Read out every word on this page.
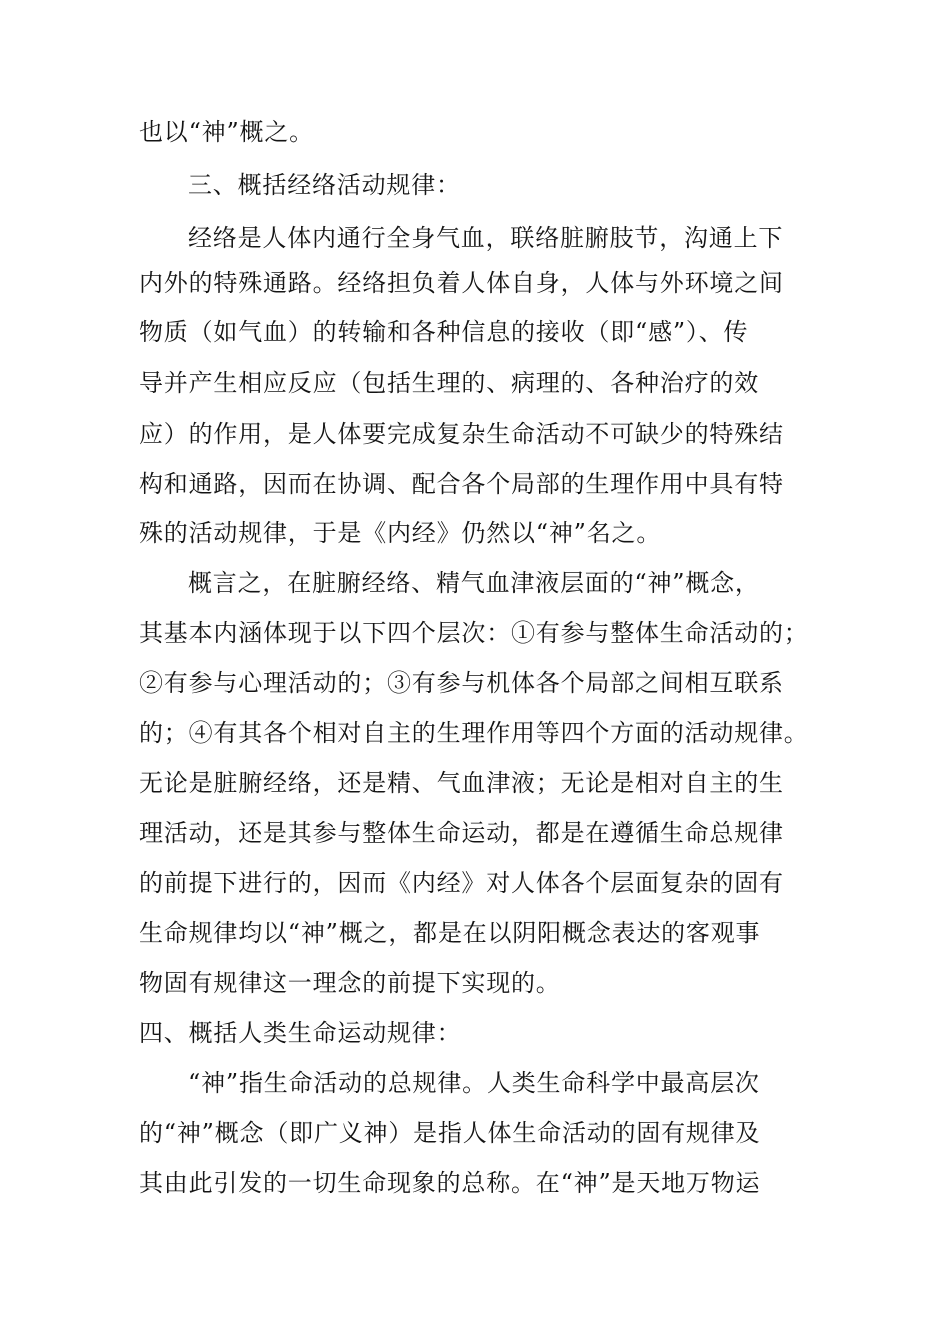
也以“神”概之。
三、概括经络活动规律：
经络是人体内通行全身气血，联络脏腑肢节，沟通上下
内外的特殊通路。经络担负着人体自身，人体与外环境之间
物质（如气血）的转输和各种信息的接收（即“感”）、传
导并产生相应反应（包括生理的、病理的、各种治疗的效
应）的作用，是人体要完成复杂生命活动不可缺少的特殊结
构和通路，因而在协调、配合各个局部的生理作用中具有特
殊的活动规律，于是《内经》仍然以“神”名之。
概言之，在脏腑经络、精气血津液层面的“神”概念，
其基本内涵体现于以下四个层次：①有参与整体生命活动的；
②有参与心理活动的；③有参与机体各个局部之间相互联系
的；④有其各个相对自主的生理作用等四个方面的活动规律。
无论是脏腑经络，还是精、气血津液；无论是相对自主的生
理活动，还是其参与整体生命运动，都是在遵循生命总规律
的前提下进行的，因而《内经》对人体各个层面复杂的固有
生命规律均以“神”概之，都是在以阴阳概念表达的客观事
物固有规律这一理念的前提下实现的。
四、概括人类生命运动规律：
“神”指生命活动的总规律。人类生命科学中最高层次
的“神”概念（即广义神）是指人体生命活动的固有规律及
其由此引发的一切生命现象的总称。在“神”是天地万物运
